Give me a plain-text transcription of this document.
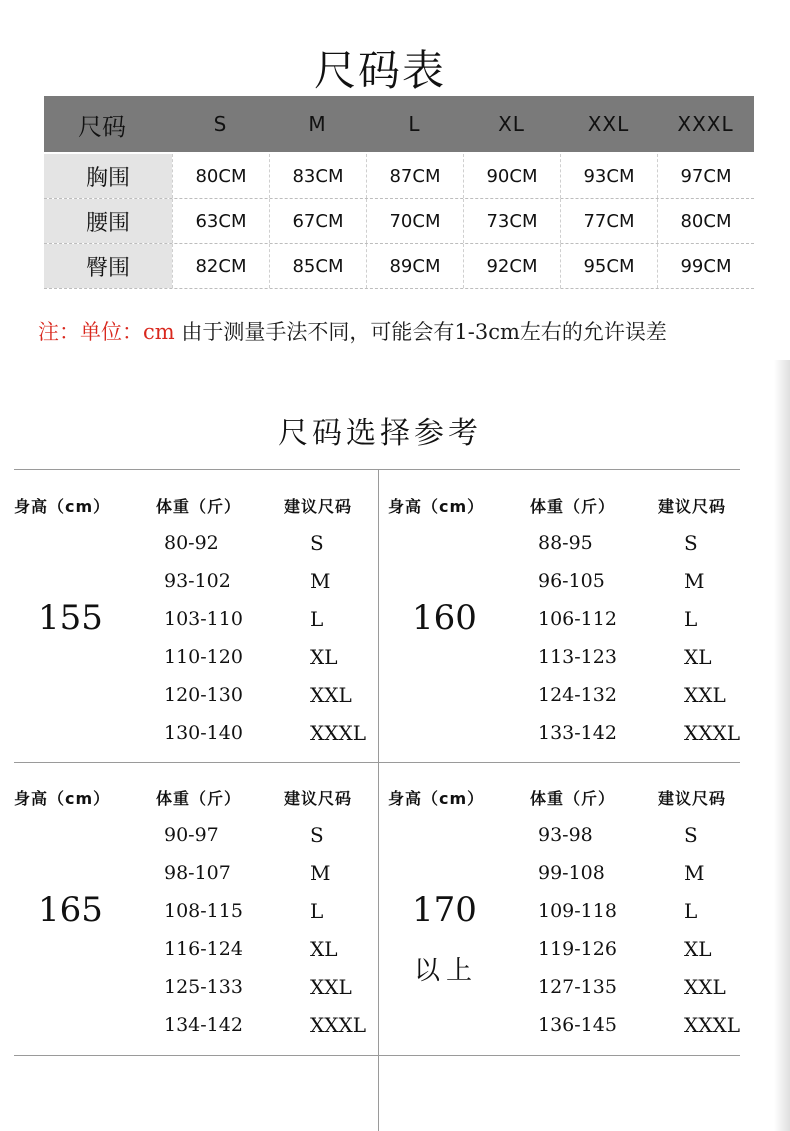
尺码表
尺码	S	M	L	XL	XXL	XXXL
胸围	80CM	83CM	87CM	90CM	93CM	97CM
腰围	63CM	67CM	70CM	73CM	77CM	80CM
臀围	82CM	85CM	89CM	92CM	95CM	99CM
注：单位：cm 由于测量手法不同，可能会有1-3cm左右的允许误差
尺码选择参考
身高（cm）	体重（斤）	建议尺码
155
80-92	S
93-102	M
103-110	L
110-120	XL
120-130	XXL
130-140	XXXL
身高（cm）	体重（斤）	建议尺码
160
88-95	S
96-105	M
106-112	L
113-123	XL
124-132	XXL
133-142	XXXL
身高（cm）	体重（斤）	建议尺码
165
90-97	S
98-107	M
108-115	L
116-124	XL
125-133	XXL
134-142	XXXL
身高（cm）	体重（斤）	建议尺码
170
以上
93-98	S
99-108	M
109-118	L
119-126	XL
127-135	XXL
136-145	XXXL
